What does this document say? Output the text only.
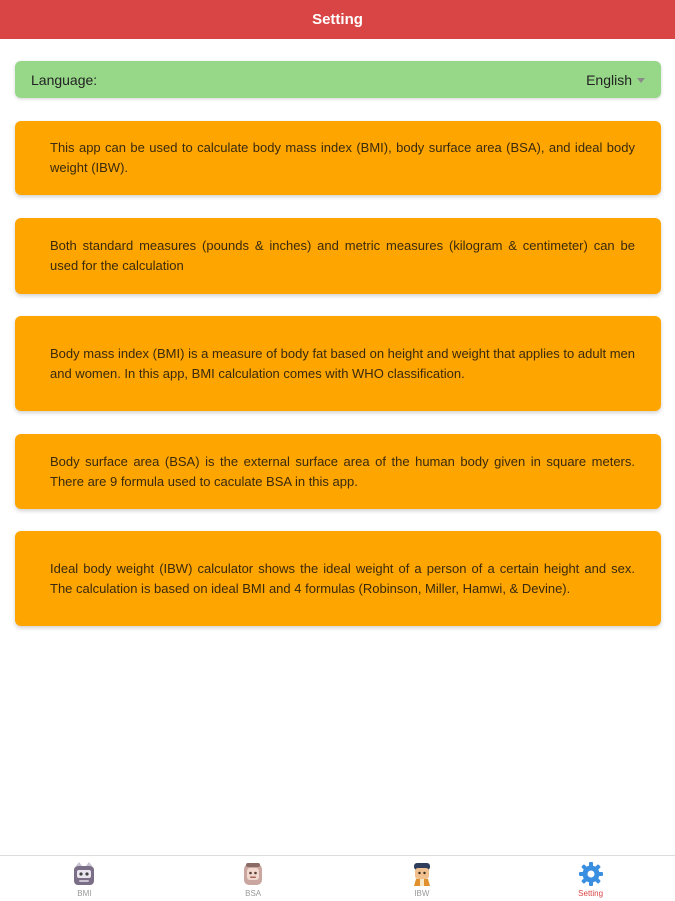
Setting
Language:	English

This app can be used to calculate body mass index (BMI), body surface area (BSA), and ideal body weight (IBW).

Both standard measures (pounds & inches) and metric measures (kilogram & centimeter) can be used for the calculation

Body mass index (BMI) is a measure of body fat based on height and weight that applies to adult men and women. In this app, BMI calculation comes with WHO classification.

Body surface area (BSA) is the external surface area of the human body given in square meters. There are 9 formula used to caculate BSA in this app.

Ideal body weight (IBW) calculator shows the ideal weight of a person of a certain height and sex. The calculation is based on ideal BMI and 4 formulas (Robinson, Miller, Hamwi, & Devine).

BMI	BSA	IBW	Setting
